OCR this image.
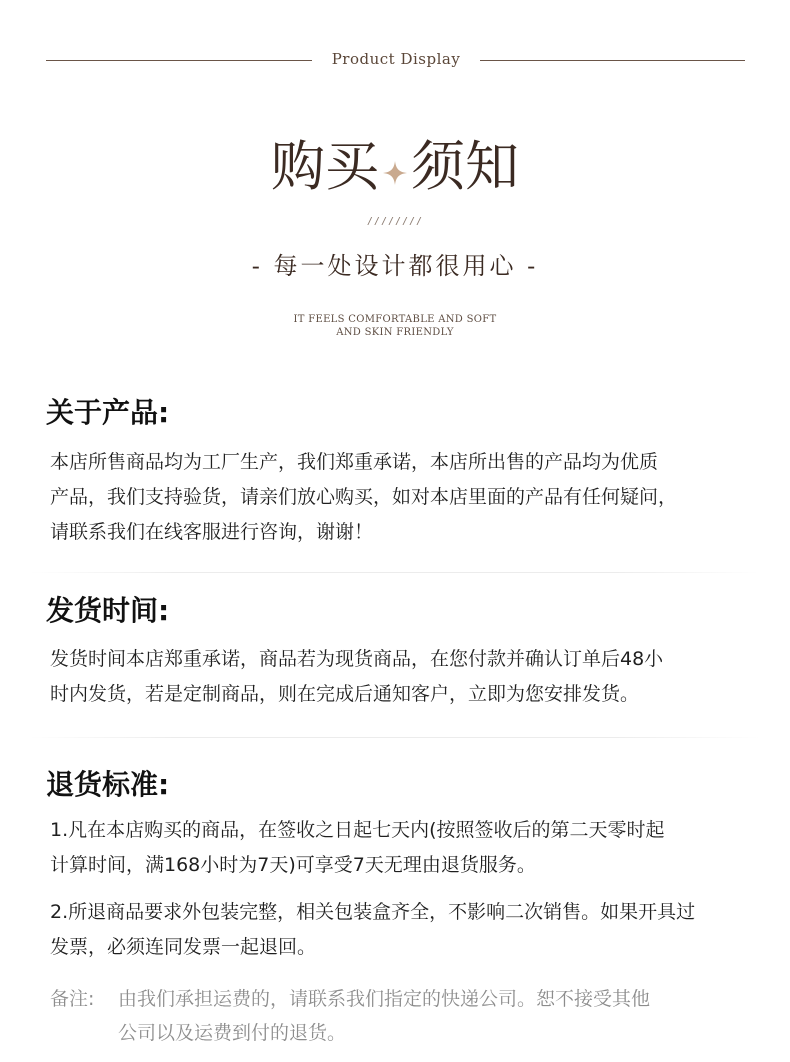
Product Display
购买 须知
////////
- 每一处设计都很用心 -
IT FEELS COMFORTABLE AND SOFT
AND SKIN FRIENDLY
关于产品:
本店所售商品均为工厂生产，我们郑重承诺，本店所出售的产品均为优质
产品，我们支持验货，请亲们放心购买，如对本店里面的产品有任何疑问，
请联系我们在线客服进行咨询，谢谢！
发货时间:
发货时间本店郑重承诺，商品若为现货商品，在您付款并确认订单后48小
时内发货，若是定制商品，则在完成后通知客户，立即为您安排发货。
退货标准:
1.凡在本店购买的商品，在签收之日起七天内(按照签收后的第二天零时起
计算时间，满168小时为7天)可享受7天无理由退货服务。
2.所退商品要求外包装完整，相关包装盒齐全，不影响二次销售。如果开具过
发票，必须连同发票一起退回。
备注: 由我们承担运费的，请联系我们指定的快递公司。恕不接受其他
公司以及运费到付的退货。
